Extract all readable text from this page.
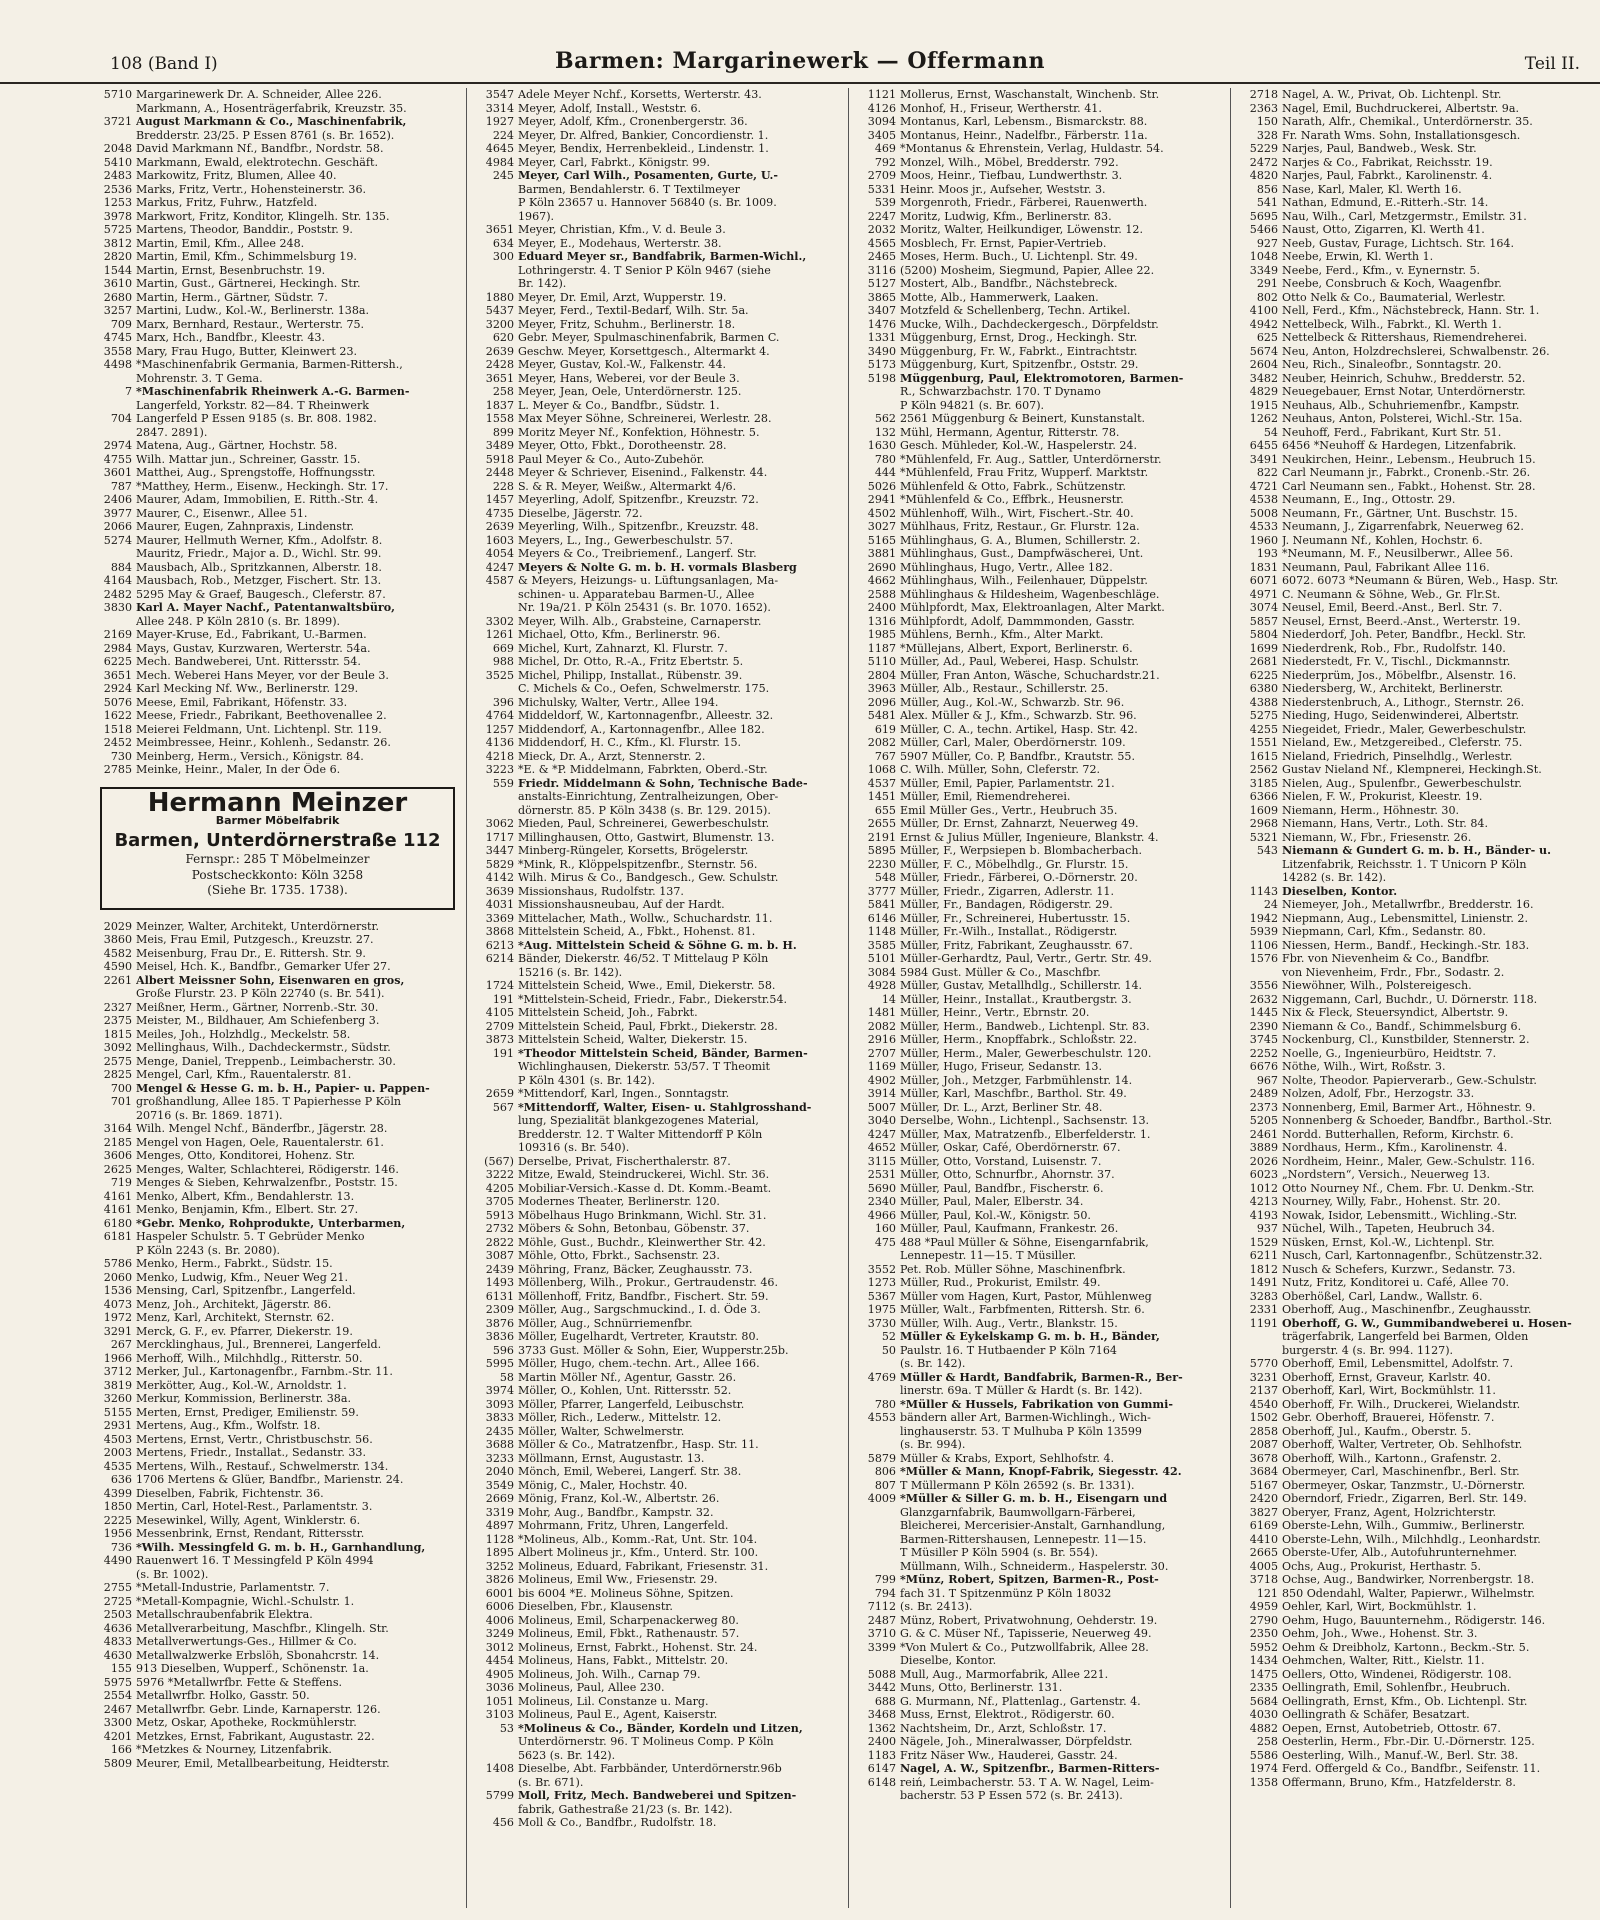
108 (Band I)	Barmen: Margarinewerk — Offermann	Teil II.
5710 Margarinewerk Dr. A. Schneider, Allee 226.
Markmann, A., Hosenträgerfabrik, Kreuzstr. 35.
3721 August Markmann & Co., Maschinenfabrik,
Bredderstr. 23/25. P Essen 8761 (s. Br. 1652).
2048 David Markmann Nf., Bandfbr., Nordstr. 58.
5410 Markmann, Ewald, elektrotechn. Geschäft.
2483 Markowitz, Fritz, Blumen, Allee 40.
2536 Marks, Fritz, Vertr., Hohensteinerstr. 36.
1253 Markus, Fritz, Fuhrw., Hatzfeld.
3978 Markwort, Fritz, Konditor, Klingelh. Str. 135.
5725 Martens, Theodor, Banddir., Poststr. 9.
3812 Martin, Emil, Kfm., Allee 248.
2820 Martin, Emil, Kfm., Schimmelsburg 19.
1544 Martin, Ernst, Besenbruchstr. 19.
3610 Martin, Gust., Gärtnerei, Heckingh. Str.
2680 Martin, Herm., Gärtner, Südstr. 7.
3257 Martini, Ludw., Kol.-W., Berlinerstr. 138a.
709 Marx, Bernhard, Restaur., Werterstr. 75.
4745 Marx, Hch., Bandfbr., Kleestr. 43.
3558 Mary, Frau Hugo, Butter, Kleinwert 23.
4498 *Maschinenfabrik Germania, Barmen-Rittersh.,
Mohrenstr. 3. T Gema.
7 *Maschinenfabrik Rheinwerk A.-G. Barmen-
Langerfeld, Yorkstr. 82—84. T Rheinwerk
704 Langerfeld P Essen 9185 (s. Br. 808. 1982.
2847. 2891).
2974 Matena, Aug., Gärtner, Hochstr. 58.
4755 Wilh. Mattar jun., Schreiner, Gasstr. 15.
3601 Matthei, Aug., Sprengstoffe, Hoffnungsstr.
787 *Matthey, Herm., Eisenw., Heckingh. Str. 17.
2406 Maurer, Adam, Immobilien, E. Ritth.-Str. 4.
3977 Maurer, C., Eisenwr., Allee 51.
2066 Maurer, Eugen, Zahnpraxis, Lindenstr.
5274 Maurer, Hellmuth Werner, Kfm., Adolfstr. 8.
Mauritz, Friedr., Major a. D., Wichl. Str. 99.
884 Mausbach, Alb., Spritzkannen, Alberstr. 18.
4164 Mausbach, Rob., Metzger, Fischert. Str. 13.
2482 5295 May & Graef, Baugesch., Cleferstr. 87.
3830 Karl A. Mayer Nachf., Patentanwaltsbüro,
Allee 248. P Köln 2810 (s. Br. 1899).
2169 Mayer-Kruse, Ed., Fabrikant, U.-Barmen.
2984 Mays, Gustav, Kurzwaren, Werterstr. 54a.
6225 Mech. Bandweberei, Unt. Rittersstr. 54.
3651 Mech. Weberei Hans Meyer, vor der Beule 3.
2924 Karl Mecking Nf. Ww., Berlinerstr. 129.
5076 Meese, Emil, Fabrikant, Höfenstr. 33.
1622 Meese, Friedr., Fabrikant, Beethovenallee 2.
1518 Meierei Feldmann, Unt. Lichtenpl. Str. 119.
2452 Meimbressee, Heinr., Kohlenh., Sedanstr. 26.
730 Meinberg, Herm., Versich., Königstr. 84.
2785 Meinke, Heinr., Maler, In der Öde 6.
Hermann Meinzer
Barmer Möbelfabrik
Barmen, Unterdörnerstraße 112
Fernspr.: 285 T Möbelmeinzer
Postscheckkonto: Köln 3258
(Siehe Br. 1735. 1738).
2029 Meinzer, Walter, Architekt, Unterdörnerstr.
3860 Meis, Frau Emil, Putzgesch., Kreuzstr. 27.
4582 Meisenburg, Frau Dr., E. Rittersh. Str. 9.
4590 Meisel, Hch. K., Bandfbr., Gemarker Ufer 27.
2261 Albert Meissner Sohn, Eisenwaren en gros,
Große Flurstr. 23. P Köln 22740 (s. Br. 541).
2327 Meißner, Herm., Gärtner, Norrenb.-Str. 30.
2375 Meister, M., Bildhauer, Am Schiefenberg 3.
1815 Meiles, Joh., Holzhdlg., Meckelstr. 58.
3092 Mellinghaus, Wilh., Dachdeckermstr., Südstr.
2575 Menge, Daniel, Treppenb., Leimbacherstr. 30.
2825 Mengel, Carl, Kfm., Rauentalerstr. 81.
700 Mengel & Hesse G. m. b. H., Papier- u. Pappen-
701 großhandlung, Allee 185. T Papierhesse P Köln
20716 (s. Br. 1869. 1871).
3164 Wilh. Mengel Nchf., Bänderfbr., Jägerstr. 28.
2185 Mengel von Hagen, Oele, Rauentalerstr. 61.
3606 Menges, Otto, Konditorei, Hohenz. Str.
2625 Menges, Walter, Schlachterei, Rödigerstr. 146.
719 Menges & Sieben, Kehrwalzenfbr., Poststr. 15.
4161 Menko, Albert, Kfm., Bendahlerstr. 13.
4161 Menko, Benjamin, Kfm., Elbert. Str. 27.
6180 *Gebr. Menko, Rohprodukte, Unterbarmen,
6181 Haspeler Schulstr. 5. T Gebrüder Menko
P Köln 2243 (s. Br. 2080).
5786 Menko, Herm., Fabrkt., Südstr. 15.
2060 Menko, Ludwig, Kfm., Neuer Weg 21.
1536 Mensing, Carl, Spitzenfbr., Langerfeld.
4073 Menz, Joh., Architekt, Jägerstr. 86.
1972 Menz, Karl, Architekt, Sternstr. 62.
3291 Merck, G. F., ev. Pfarrer, Diekerstr. 19.
267 Mercklinghaus, Jul., Brennerei, Langerfeld.
1966 Merhoff, Wilh., Milchhdlg., Ritterstr. 50.
3712 Merker, Jul., Kartonagenfbr., Farnbm.-Str. 11.
3819 Merkötter, Aug., Kol.-W., Arnoldstr. 1.
3260 Merkur, Kommission, Berlinerstr. 38a.
5155 Merten, Ernst, Prediger, Emilienstr. 59.
2931 Mertens, Aug., Kfm., Wolfstr. 18.
4503 Mertens, Ernst, Vertr., Christbuschstr. 56.
2003 Mertens, Friedr., Installat., Sedanstr. 33.
4535 Mertens, Wilh., Restauf., Schwelmerstr. 134.
636 1706 Mertens & Glüer, Bandfbr., Marienstr. 24.
4399 Dieselben, Fabrik, Fichtenstr. 36.
1850 Mertin, Carl, Hotel-Rest., Parlamentstr. 3.
2225 Mesewinkel, Willy, Agent, Winklerstr. 6.
1956 Messenbrink, Ernst, Rendant, Rittersstr.
736 *Wilh. Messingfeld G. m. b. H., Garnhandlung,
4490 Rauenwert 16. T Messingfeld P Köln 4994
(s. Br. 1002).
2755 *Metall-Industrie, Parlamentstr. 7.
2725 *Metall-Kompagnie, Wichl.-Schulstr. 1.
2503 Metallschraubenfabrik Elektra.
4636 Metallverarbeitung, Maschfbr., Klingelh. Str.
4833 Metallverwertungs-Ges., Hillmer & Co.
4630 Metallwalzwerke Erbslöh, Sbonahcrstr. 14.
155 913 Dieselben, Wupperf., Schönenstr. 1a.
5975 5976 *Metallwrfbr. Fette & Steffens.
2554 Metallwrfbr. Holko, Gasstr. 50.
2467 Metallwrfbr. Gebr. Linde, Karnaperstr. 126.
3300 Metz, Oskar, Apotheke, Rockmühlerstr.
4201 Metzkes, Ernst, Fabrikant, Augustastr. 22.
166 *Metzkes & Nourney, Litzenfabrik.
5809 Meurer, Emil, Metallbearbeitung, Heidterstr.
3547 Adele Meyer Nchf., Korsetts, Werterstr. 43.
3314 Meyer, Adolf, Install., Weststr. 6.
1927 Meyer, Adolf, Kfm., Cronenbergerstr. 36.
224 Meyer, Dr. Alfred, Bankier, Concordienstr. 1.
4645 Meyer, Bendix, Herrenbekleid., Lindenstr. 1.
4984 Meyer, Carl, Fabrkt., Königstr. 99.
245 Meyer, Carl Wilh., Posamenten, Gurte, U.-
Barmen, Bendahlerstr. 6. T Textilmeyer
P Köln 23657 u. Hannover 56840 (s. Br. 1009.
1967).
3651 Meyer, Christian, Kfm., V. d. Beule 3.
634 Meyer, E., Modehaus, Werterstr. 38.
300 Eduard Meyer sr., Bandfabrik, Barmen-Wichl.,
Lothringerstr. 4. T Senior P Köln 9467 (siehe
Br. 142).
1880 Meyer, Dr. Emil, Arzt, Wupperstr. 19.
5437 Meyer, Ferd., Textil-Bedarf, Wilh. Str. 5a.
3200 Meyer, Fritz, Schuhm., Berlinerstr. 18.
620 Gebr. Meyer, Spulmaschinenfabrik, Barmen C.
2639 Geschw. Meyer, Korsettgesch., Altermarkt 4.
2428 Meyer, Gustav, Kol.-W., Falkenstr. 44.
3651 Meyer, Hans, Weberei, vor der Beule 3.
258 Meyer, Jean, Oele, Unterdörnerstr. 125.
1837 L. Meyer & Co., Bandfbr., Südstr. 1.
1558 Max Meyer Söhne, Schreinerei, Werlestr. 28.
899 Moritz Meyer Nf., Konfektion, Höhnestr. 5.
3489 Meyer, Otto, Fbkt., Dorotheenstr. 28.
5918 Paul Meyer & Co., Auto-Zubehör.
2448 Meyer & Schriever, Eisenind., Falkenstr. 44.
228 S. & R. Meyer, Weißw., Altermarkt 4/6.
1457 Meyerling, Adolf, Spitzenfbr., Kreuzstr. 72.
4735 Dieselbe, Jägerstr. 72.
2639 Meyerling, Wilh., Spitzenfbr., Kreuzstr. 48.
1603 Meyers, L., Ing., Gewerbeschulstr. 57.
4054 Meyers & Co., Treibriemenf., Langerf. Str.
4247 Meyers & Nolte G. m. b. H. vormals Blasberg
4587 & Meyers, Heizungs- u. Lüftungsanlagen, Ma-
schinen- u. Apparatebau Barmen-U., Allee
Nr. 19a/21. P Köln 25431 (s. Br. 1070. 1652).
3302 Meyer, Wilh. Alb., Grabsteine, Carnaperstr.
1261 Michael, Otto, Kfm., Berlinerstr. 96.
669 Michel, Kurt, Zahnarzt, Kl. Flurstr. 7.
988 Michel, Dr. Otto, R.-A., Fritz Ebertstr. 5.
3525 Michel, Philipp, Installat., Rübenstr. 39.
C. Michels & Co., Oefen, Schwelmerstr. 175.
396 Michulsky, Walter, Vertr., Allee 194.
4764 Middeldorf, W., Kartonnagenfbr., Alleestr. 32.
1257 Middendorf, A., Kartonnagenfbr., Allee 182.
4136 Middendorf, H. C., Kfm., Kl. Flurstr. 15.
4218 Mieck, Dr. A., Arzt, Stennerstr. 2.
3223 *E. & *P. Middelmann, Fabrkten, Oberd.-Str.
559 Friedr. Middelmann & Sohn, Technische Bade-
anstalts-Einrichtung, Zentralheizungen, Ober-
dörnerstr. 85. P Köln 3438 (s. Br. 129. 2015).
3062 Mieden, Paul, Schreinerei, Gewerbeschulstr.
1717 Millinghausen, Otto, Gastwirt, Blumenstr. 13.
3447 Minberg-Rüngeler, Korsetts, Brögelerstr.
5829 *Mink, R., Klöppelspitzenfbr., Sternstr. 56.
4142 Wilh. Mirus & Co., Bandgesch., Gew. Schulstr.
3639 Missionshaus, Rudolfstr. 137.
4031 Missionshausneubau, Auf der Hardt.
3369 Mittelacher, Math., Wollw., Schuchardstr. 11.
3868 Mittelstein Scheid, A., Fbkt., Hohenst. 81.
6213 *Aug. Mittelstein Scheid & Söhne G. m. b. H.
6214 Bänder, Diekerstr. 46/52. T Mittelaug P Köln
15216 (s. Br. 142).
1724 Mittelstein Scheid, Wwe., Emil, Diekerstr. 58.
191 *Mittelstein-Scheid, Friedr., Fabr., Diekerstr.54.
4105 Mittelstein Scheid, Joh., Fabrkt.
2709 Mittelstein Scheid, Paul, Fbrkt., Diekerstr. 28.
3873 Mittelstein Scheid, Walter, Diekerstr. 15.
191 *Theodor Mittelstein Scheid, Bänder, Barmen-
Wichlinghausen, Diekerstr. 53/57. T Theomit
P Köln 4301 (s. Br. 142).
2659 *Mittendorf, Karl, Ingen., Sonntagstr.
567 *Mittendorff, Walter, Eisen- u. Stahlgrosshand-
lung, Spezialität blankgezogenes Material,
Bredderstr. 12. T Walter Mittendorff P Köln
109316 (s. Br. 540).
(567) Derselbe, Privat, Fischerthalerstr. 87.
3222 Mitze, Ewald, Steindruckerei, Wichl. Str. 36.
4205 Mobiliar-Versich.-Kasse d. Dt. Komm.-Beamt.
3705 Modernes Theater, Berlinerstr. 120.
5913 Möbelhaus Hugo Brinkmann, Wichl. Str. 31.
2732 Möbers & Sohn, Betonbau, Göbenstr. 37.
2822 Möhle, Gust., Buchdr., Kleinwerther Str. 42.
3087 Möhle, Otto, Fbrkt., Sachsenstr. 23.
2439 Möhring, Franz, Bäcker, Zeughausstr. 73.
1493 Möllenberg, Wilh., Prokur., Gertraudenstr. 46.
6131 Möllenhoff, Fritz, Bandfbr., Fischert. Str. 59.
2309 Möller, Aug., Sargschmuckind., I. d. Öde 3.
3876 Möller, Aug., Schnürriemenfbr.
3836 Möller, Eugelhardt, Vertreter, Krautstr. 80.
596 3733 Gust. Möller & Sohn, Eier, Wupperstr.25b.
5995 Möller, Hugo, chem.-techn. Art., Allee 166.
58 Martin Möller Nf., Agentur, Gasstr. 26.
3974 Möller, O., Kohlen, Unt. Rittersstr. 52.
3093 Möller, Pfarrer, Langerfeld, Leibuschstr.
3833 Möller, Rich., Lederw., Mittelstr. 12.
2435 Möller, Walter, Schwelmerstr.
3688 Möller & Co., Matratzenfbr., Hasp. Str. 11.
3233 Möllmann, Ernst, Augustastr. 13.
2040 Mönch, Emil, Weberei, Langerf. Str. 38.
3549 Mönig, C., Maler, Hochstr. 40.
2669 Mönig, Franz, Kol.-W., Albertstr. 26.
3319 Mohr, Aug., Bandfbr., Kampstr. 32.
4897 Mohrmann, Fritz, Uhren, Langerfeld.
1128 *Molineus, Alb., Komm.-Rat, Unt. Str. 104.
1895 Albert Molineus jr., Kfm., Unterd. Str. 100.
3252 Molineus, Eduard, Fabrikant, Friesenstr. 31.
3826 Molineus, Emil Ww., Friesenstr. 29.
6001 bis 6004 *E. Molineus Söhne, Spitzen.
6006 Dieselben, Fbr., Klausenstr.
4006 Molineus, Emil, Scharpenackerweg 80.
3249 Molineus, Emil, Fbkt., Rathenaustr. 57.
3012 Molineus, Ernst, Fabrkt., Hohenst. Str. 24.
4454 Molineus, Hans, Fabkt., Mittelstr. 20.
4905 Molineus, Joh. Wilh., Carnap 79.
3036 Molineus, Paul, Allee 230.
1051 Molineus, Lil. Constanze u. Marg.
3103 Molineus, Paul E., Agent, Kaiserstr.
53 *Molineus & Co., Bänder, Kordeln und Litzen,
Unterdörnerstr. 96. T Molineus Comp. P Köln
5623 (s. Br. 142).
1408 Dieselbe, Abt. Farbbänder, Unterdörnerstr.96b
(s. Br. 671).
5799 Moll, Fritz, Mech. Bandweberei und Spitzen-
fabrik, Gathestraße 21/23 (s. Br. 142).
456 Moll & Co., Bandfbr., Rudolfstr. 18.
1121 Mollerus, Ernst, Waschanstalt, Winchenb. Str.
4126 Monhof, H., Friseur, Wertherstr. 41.
3094 Montanus, Karl, Lebensm., Bismarckstr. 88.
3405 Montanus, Heinr., Nadelfbr., Färberstr. 11a.
469 *Montanus & Ehrenstein, Verlag, Huldastr. 54.
792 Monzel, Wilh., Möbel, Bredderstr. 792.
2709 Moos, Heinr., Tiefbau, Lundwerthstr. 3.
5331 Heinr. Moos jr., Aufseher, Weststr. 3.
539 Morgenroth, Friedr., Färberei, Rauenwerth.
2247 Moritz, Ludwig, Kfm., Berlinerstr. 83.
2032 Moritz, Walter, Heilkundiger, Löwenstr. 12.
4565 Mosblech, Fr. Ernst, Papier-Vertrieb.
2465 Moses, Herm. Buch., U. Lichtenpl. Str. 49.
3116 (5200) Mosheim, Siegmund, Papier, Allee 22.
5127 Mostert, Alb., Bandfbr., Nächstebreck.
3865 Motte, Alb., Hammerwerk, Laaken.
3407 Motzfeld & Schellenberg, Techn. Artikel.
1476 Mucke, Wilh., Dachdeckergesch., Dörpfeldstr.
1331 Müggenburg, Ernst, Drog., Heckingh. Str.
3490 Müggenburg, Fr. W., Fabrkt., Eintrachtstr.
5173 Müggenburg, Kurt, Spitzenfbr., Oststr. 29.
5198 Müggenburg, Paul, Elektromotoren, Barmen-
R., Schwarzbachstr. 170. T Dynamo
P Köln 94821 (s. Br. 607).
562 2561 Müggenburg & Beinert, Kunstanstalt.
132 Mühl, Hermann, Agentur, Ritterstr. 78.
1630 Gesch. Mühleder, Kol.-W., Haspelerstr. 24.
780 *Mühlenfeld, Fr. Aug., Sattler, Unterdörnerstr.
444 *Mühlenfeld, Frau Fritz, Wupperf. Marktstr.
5026 Mühlenfeld & Otto, Fabrk., Schützenstr.
2941 *Mühlenfeld & Co., Effbrk., Heusnerstr.
4502 Mühlenhoff, Wilh., Wirt, Fischert.-Str. 40.
3027 Mühlhaus, Fritz, Restaur., Gr. Flurstr. 12a.
5165 Mühlinghaus, G. A., Blumen, Schillerstr. 2.
3881 Mühlinghaus, Gust., Dampfwäscherei, Unt.
2690 Mühlinghaus, Hugo, Vertr., Allee 182.
4662 Mühlinghaus, Wilh., Feilenhauer, Düppelstr.
2588 Mühlinghaus & Hildesheim, Wagenbeschläge.
2400 Mühlpfordt, Max, Elektroanlagen, Alter Markt.
1316 Mühlpfordt, Adolf, Dammmonden, Gasstr.
1985 Mühlens, Bernh., Kfm., Alter Markt.
1187 *Müllejans, Albert, Export, Berlinerstr. 6.
5110 Müller, Ad., Paul, Weberei, Hasp. Schulstr.
2804 Müller, Fran Anton, Wäsche, Schuchardstr.21.
3963 Müller, Alb., Restaur., Schillerstr. 25.
2096 Müller, Aug., Kol.-W., Schwarzb. Str. 96.
5481 Alex. Müller & J., Kfm., Schwarzb. Str. 96.
619 Müller, C. A., techn. Artikel, Hasp. Str. 42.
2082 Müller, Carl, Maler, Oberdörnerstr. 109.
767 5907 Müller, Co. P, Bandfbr., Krautstr. 55.
1068 C. Wilh. Müller, Sohn, Cleferstr. 72.
4537 Müller, Emil, Papier, Parlamentstr. 21.
1451 Müller, Emil, Riemendreherei.
655 Emil Müller Ges., Vertr., Heubruch 35.
2655 Müller, Dr. Ernst, Zahnarzt, Neuerweg 49.
2191 Ernst & Julius Müller, Ingenieure, Blankstr. 4.
5895 Müller, F., Werpsiepen b. Blombacherbach.
2230 Müller, F. C., Möbelhdlg., Gr. Flurstr. 15.
548 Müller, Friedr., Färberei, O.-Dörnerstr. 20.
3777 Müller, Friedr., Zigarren, Adlerstr. 11.
5841 Müller, Fr., Bandagen, Rödigerstr. 29.
6146 Müller, Fr., Schreinerei, Hubertusstr. 15.
1148 Müller, Fr.-Wilh., Installat., Rödigerstr.
3585 Müller, Fritz, Fabrikant, Zeughausstr. 67.
5101 Müller-Gerhardtz, Paul, Vertr., Gertr. Str. 49.
3084 5984 Gust. Müller & Co., Maschfbr.
4928 Müller, Gustav, Metallhdlg., Schillerstr. 14.
14 Müller, Heinr., Installat., Krautbergstr. 3.
1481 Müller, Heinr., Vertr., Ebrnstr. 20.
2082 Müller, Herm., Bandweb., Lichtenpl. Str. 83.
2916 Müller, Herm., Knopffabrk., Schloßstr. 22.
2707 Müller, Herm., Maler, Gewerbeschulstr. 120.
1169 Müller, Hugo, Friseur, Sedanstr. 13.
4902 Müller, Joh., Metzger, Farbmühlenstr. 14.
3914 Müller, Karl, Maschfbr., Barthol. Str. 49.
5007 Müller, Dr. L., Arzt, Berliner Str. 48.
3040 Derselbe, Wohn., Lichtenpl., Sachsenstr. 13.
4247 Müller, Max, Matratzenfb., Elberfelderstr. 1.
4652 Müller, Oskar, Café, Oberdörnerstr. 67.
3115 Müller, Otto, Vorstand, Luisenstr. 7.
2531 Müller, Otto, Schnurfbr., Ahornstr. 37.
5690 Müller, Paul, Bandfbr., Fischerstr. 6.
2340 Müller, Paul, Maler, Elberstr. 34.
4966 Müller, Paul, Kol.-W., Königstr. 50.
160 Müller, Paul, Kaufmann, Frankestr. 26.
475 488 *Paul Müller & Söhne, Eisengarnfabrik,
Lennepestr. 11—15. T Müsiller.
3552 Pet. Rob. Müller Söhne, Maschinenfbrk.
1273 Müller, Rud., Prokurist, Emilstr. 49.
5367 Müller vom Hagen, Kurt, Pastor, Mühlenweg
1975 Müller, Walt., Farbfmenten, Rittersh. Str. 6.
3730 Müller, Wilh. Aug., Vertr., Blankstr. 15.
52 Müller & Eykelskamp G. m. b. H., Bänder,
50 Paulstr. 16. T Hutbaender P Köln 7164
(s. Br. 142).
4769 Müller & Hardt, Bandfabrik, Barmen-R., Ber-
linerstr. 69a. T Müller & Hardt (s. Br. 142).
780 *Müller & Hussels, Fabrikation von Gummi-
4553 bändern aller Art, Barmen-Wichlingh., Wich-
linghauserstr. 53. T Mulhuba P Köln 13599
(s. Br. 994).
5879 Müller & Krabs, Export, Sehlhofstr. 4.
806 *Müller & Mann, Knopf-Fabrik, Siegesstr. 42.
807 T Müllermann P Köln 26592 (s. Br. 1331).
4009 *Müller & Siller G. m. b. H., Eisengarn und
Glanzgarnfabrik, Baumwollgarn-Färberei,
Bleicherei, Mercerisier-Anstalt, Garnhandlung,
Barmen-Rittershausen, Lennepestr. 11—15.
T Müsiller P Köln 5904 (s. Br. 554).
Müllmann, Wilh., Schneiderm., Haspelerstr. 30.
799 *Münz, Robert, Spitzen, Barmen-R., Post-
794 fach 31. T Spitzenmünz P Köln 18032
7112 (s. Br. 2413).
2487 Münz, Robert, Privatwohnung, Oehderstr. 19.
3710 G. & C. Müser Nf., Tapisserie, Neuerweg 49.
3399 *Von Mulert & Co., Putzwollfabrik, Allee 28.
Dieselbe, Kontor.
5088 Mull, Aug., Marmorfabrik, Allee 221.
3442 Muns, Otto, Berlinerstr. 131.
688 G. Murmann, Nf., Plattenlag., Gartenstr. 4.
3468 Muss, Ernst, Elektrot., Rödigerstr. 60.
1362 Nachtsheim, Dr., Arzt, Schloßstr. 17.
2400 Nägele, Joh., Mineralwasser, Dörpfeldstr.
1183 Fritz Näser Ww., Hauderei, Gasstr. 24.
6147 Nagel, A. W., Spitzenfbr., Barmen-Ritters-
6148 reiń, Leimbacherstr. 53. T A. W. Nagel, Leim-
bacherstr. 53 P Essen 572 (s. Br. 2413).
2718 Nagel, A. W., Privat, Ob. Lichtenpl. Str.
2363 Nagel, Emil, Buchdruckerei, Albertstr. 9a.
150 Narath, Alfr., Chemikal., Unterdörnerstr. 35.
328 Fr. Narath Wms. Sohn, Installationsgesch.
5229 Narjes, Paul, Bandweb., Wesk. Str.
2472 Narjes & Co., Fabrikat, Reichsstr. 19.
4820 Narjes, Paul, Fabrkt., Karolinenstr. 4.
856 Nase, Karl, Maler, Kl. Werth 16.
541 Nathan, Edmund, E.-Ritterh.-Str. 14.
5695 Nau, Wilh., Carl, Metzgermstr., Emilstr. 31.
5466 Naust, Otto, Zigarren, Kl. Werth 41.
927 Neeb, Gustav, Furage, Lichtsch. Str. 164.
1048 Neebe, Erwin, Kl. Werth 1.
3349 Neebe, Ferd., Kfm., v. Eynernstr. 5.
291 Neebe, Consbruch & Koch, Waagenfbr.
802 Otto Nelk & Co., Baumaterial, Werlestr.
4100 Nell, Ferd., Kfm., Nächstebreck, Hann. Str. 1.
4942 Nettelbeck, Wilh., Fabrkt., Kl. Werth 1.
625 Nettelbeck & Rittershaus, Riemendreherei.
5674 Neu, Anton, Holzdrechslerei, Schwalbenstr. 26.
2604 Neu, Rich., Sinaleofbr., Sonntagstr. 20.
3482 Neuber, Heinrich, Schuhw., Bredderstr. 52.
4829 Neuegebauer, Ernst Notar, Unterdörnerstr.
1915 Neuhaus, Alb., Schuhriemenfbr., Kampstr.
1262 Neuhaus, Anton, Polsterei, Wichl.-Str. 15a.
54 Neuhoff, Ferd., Fabrikant, Kurt Str. 51.
6455 6456 *Neuhoff & Hardegen, Litzenfabrik.
3491 Neukirchen, Heinr., Lebensm., Heubruch 15.
822 Carl Neumann jr., Fabrkt., Cronenb.-Str. 26.
4721 Carl Neumann sen., Fabkt., Hohenst. Str. 28.
4538 Neumann, E., Ing., Ottostr. 29.
5008 Neumann, Fr., Gärtner, Unt. Buschstr. 15.
4533 Neumann, J., Zigarrenfabrk, Neuerweg 62.
1960 J. Neumann Nf., Kohlen, Hochstr. 6.
193 *Neumann, M. F., Neusilberwr., Allee 56.
1831 Neumann, Paul, Fabrikant Allee 116.
6071 6072. 6073 *Neumann & Büren, Web., Hasp. Str.
4971 C. Neumann & Söhne, Web., Gr. Flr.St.
3074 Neusel, Emil, Beerd.-Anst., Berl. Str. 7.
5857 Neusel, Ernst, Beerd.-Anst., Werterstr. 19.
5804 Niederdorf, Joh. Peter, Bandfbr., Heckl. Str.
1699 Niederdrenk, Rob., Fbr., Rudolfstr. 140.
2681 Niederstedt, Fr. V., Tischl., Dickmannstr.
6225 Niederprüm, Jos., Möbelfbr., Alsenstr. 16.
6380 Niedersberg, W., Architekt, Berlinerstr.
4388 Niederstenbruch, A., Lithogr., Sternstr. 26.
5275 Nieding, Hugo, Seidenwinderei, Albertstr.
4255 Niegeidet, Friedr., Maler, Gewerbeschulstr.
1551 Nieland, Ew., Metzgereibed., Cleferstr. 75.
1615 Nieland, Friedrich, Pinselhdlg., Werlestr.
2562 Gustav Nieland Nf., Klempnerei, Heckingh.St.
3185 Nielen, Aug., Spulenfbr., Gewerbeschulstr.
6366 Nielen, F. W., Prokurist, Kleestr. 19.
1609 Niemann, Herm., Höhnestr. 30.
2968 Niemann, Hans, Vertr., Loth. Str. 84.
5321 Niemann, W., Fbr., Friesenstr. 26.
543 Niemann & Gundert G. m. b. H., Bänder- u.
Litzenfabrik, Reichsstr. 1. T Unicorn P Köln
14282 (s. Br. 142).
1143 Dieselben, Kontor.
24 Niemeyer, Joh., Metallwrfbr., Bredderstr. 16.
1942 Niepmann, Aug., Lebensmittel, Linienstr. 2.
5939 Niepmann, Carl, Kfm., Sedanstr. 80.
1106 Niessen, Herm., Bandf., Heckingh.-Str. 183.
1576 Fbr. von Nievenheim & Co., Bandfbr.
von Nievenheim, Frdr., Fbr., Sodastr. 2.
3556 Niewöhner, Wilh., Polstereigesch.
2632 Niggemann, Carl, Buchdr., U. Dörnerstr. 118.
1445 Nix & Fleck, Steuersyndict, Albertstr. 9.
2390 Niemann & Co., Bandf., Schimmelsburg 6.
3745 Nockenburg, Cl., Kunstbilder, Stennerstr. 2.
2252 Noelle, G., Ingenieurbüro, Heidtstr. 7.
6676 Nöthe, Wilh., Wirt, Roßstr. 3.
967 Nolte, Theodor. Papierverarb., Gew.-Schulstr.
2489 Nolzen, Adolf, Fbr., Herzogstr. 33.
2373 Nonnenberg, Emil, Barmer Art., Höhnestr. 9.
5205 Nonnenberg & Schoeder, Bandfbr., Barthol.-Str.
2461 Nordd. Butterhallen, Reform, Kirchstr. 6.
3889 Nordhaus, Herm., Kfm., Karolinenstr. 4.
2026 Nordheim, Heinr., Maler, Gew.-Schulstr. 116.
6023 „Nordstern“, Versich., Neuerweg 13.
1012 Otto Nourney Nf., Chem. Fbr. U. Denkm.-Str.
4213 Nourney, Willy, Fabr., Hohenst. Str. 20.
4193 Nowak, Isidor, Lebensmitt., Wichling.-Str.
937 Nüchel, Wilh., Tapeten, Heubruch 34.
1529 Nüsken, Ernst, Kol.-W., Lichtenpl. Str.
6211 Nusch, Carl, Kartonnagenfbr., Schützenstr.32.
1812 Nusch & Schefers, Kurzwr., Sedanstr. 73.
1491 Nutz, Fritz, Konditorei u. Café, Allee 70.
3283 Oberhößel, Carl, Landw., Wallstr. 6.
2331 Oberhoff, Aug., Maschinenfbr., Zeughausstr.
1191 Oberhoff, G. W., Gummibandweberei u. Hosen-
trägerfabrik, Langerfeld bei Barmen, Olden
burgerstr. 4 (s. Br. 994. 1127).
5770 Oberhoff, Emil, Lebensmittel, Adolfstr. 7.
3231 Oberhoff, Ernst, Graveur, Karlstr. 40.
2137 Oberhoff, Karl, Wirt, Bockmühlstr. 11.
4540 Oberhoff, Fr. Wilh., Druckerei, Wielandstr.
1502 Gebr. Oberhoff, Brauerei, Höfenstr. 7.
2858 Oberhoff, Jul., Kaufm., Oberstr. 5.
2087 Oberhoff, Walter, Vertreter, Ob. Sehlhofstr.
3678 Oberhoff, Wilh., Kartonn., Grafenstr. 2.
3684 Obermeyer, Carl, Maschinenfbr., Berl. Str.
5167 Obermeyer, Oskar, Tanzmstr., U.-Dörnerstr.
2420 Oberndorf, Friedr., Zigarren, Berl. Str. 149.
3827 Oberyer, Franz, Agent, Holzrichterstr.
6169 Oberste-Lehn, Wilh., Gummiw., Berlinerstr.
4410 Oberste-Lehn, Wilh., Milchhdlg., Leonhardstr.
2665 Oberste-Ufer, Alb., Autofuhrunternehmer.
4005 Ochs, Aug., Prokurist, Herthastr. 5.
3718 Ochse, Aug., Bandwirker, Norrenbergstr. 18.
121 850 Odendahl, Walter, Papierwr., Wilhelmstr.
4959 Oehler, Karl, Wirt, Bockmühlstr. 1.
2790 Oehm, Hugo, Bauunternehm., Rödigerstr. 146.
2350 Oehm, Joh., Wwe., Hohenst. Str. 3.
5952 Oehm & Dreibholz, Kartonn., Beckm.-Str. 5.
1434 Oehmchen, Walter, Ritt., Kielstr. 11.
1475 Oellers, Otto, Windenei, Rödigerstr. 108.
2335 Oellingrath, Emil, Sohlenfbr., Heubruch.
5684 Oellingrath, Ernst, Kfm., Ob. Lichtenpl. Str.
4030 Oellingrath & Schäfer, Besatzart.
4882 Oepen, Ernst, Autobetrieb, Ottostr. 67.
258 Oesterlin, Herm., Fbr.-Dir. U.-Dörnerstr. 125.
5586 Oesterling, Wilh., Manuf.-W., Berl. Str. 38.
1974 Ferd. Offergeld & Co., Bandfbr., Seifenstr. 11.
1358 Offermann, Bruno, Kfm., Hatzfelderstr. 8.
